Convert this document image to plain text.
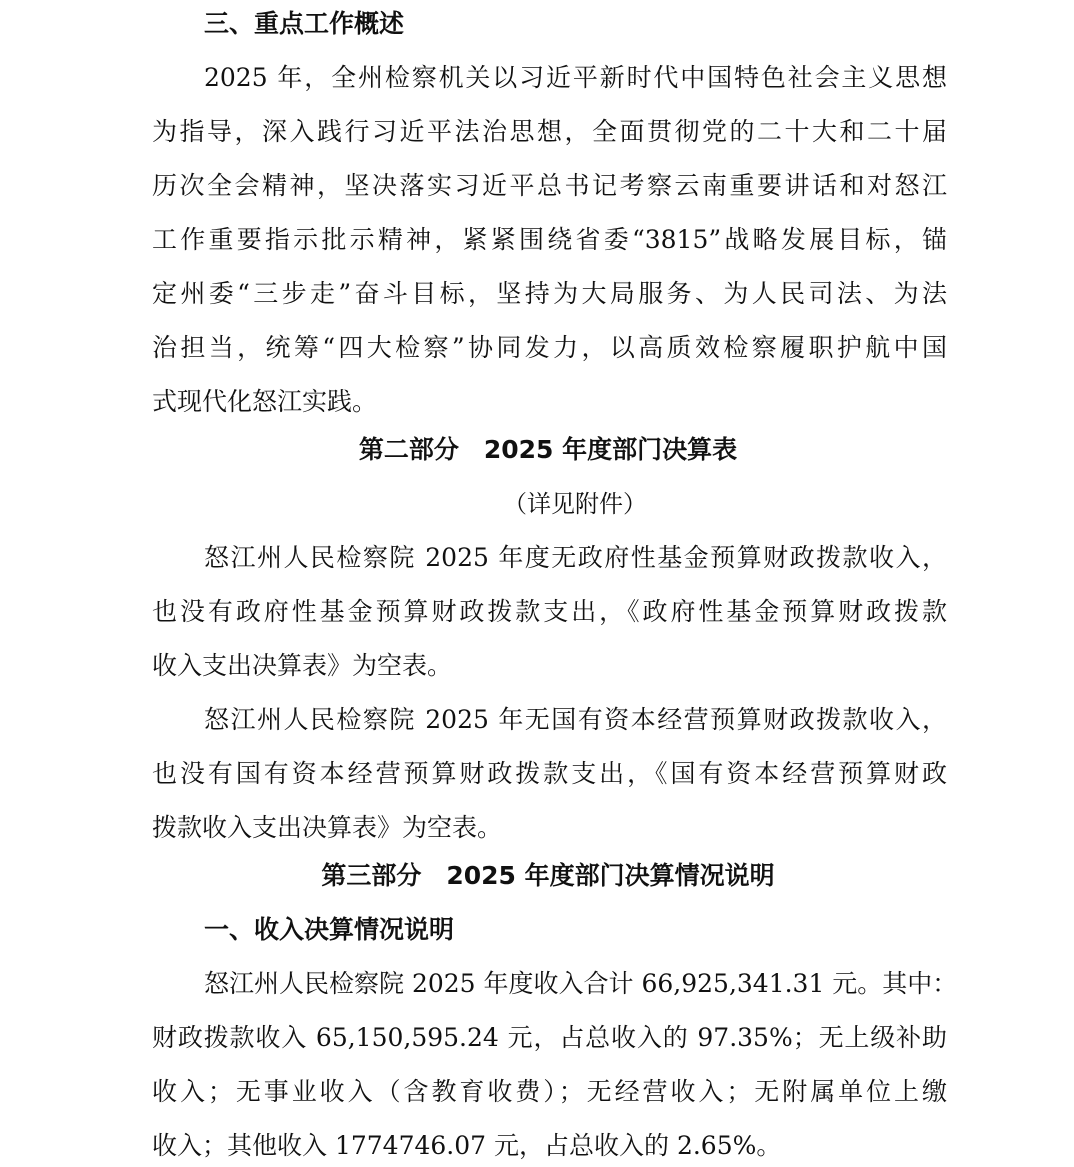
三、重点工作概述
2025 年，全州检察机关以习近平新时代中国特色社会主义思想
为指导，深入践行习近平法治思想，全面贯彻党的二十大和二十届
历次全会精神，坚决落实习近平总书记考察云南重要讲话和对怒江
工作重要指示批示精神，紧紧围绕省委“3815”战略发展目标，锚
定州委“三步走”奋斗目标，坚持为大局服务、为人民司法、为法
治担当，统筹“四大检察”协同发力，以高质效检察履职护航中国
式现代化怒江实践。
第二部分　2025 年度部门决算表
（详见附件）
怒江州人民检察院 2025 年度无政府性基金预算财政拨款收入，
也没有政府性基金预算财政拨款支出，《政府性基金预算财政拨款
收入支出决算表》为空表。
怒江州人民检察院 2025 年无国有资本经营预算财政拨款收入，
也没有国有资本经营预算财政拨款支出，《国有资本经营预算财政
拨款收入支出决算表》为空表。
第三部分　2025 年度部门决算情况说明
一、收入决算情况说明
怒江州人民检察院 2025 年度收入合计 66,925,341.31 元。其中：
财政拨款收入 65,150,595.24 元，占总收入的 97.35%；无上级补助
收入；无事业收入（含教育收费）；无经营收入；无附属单位上缴
收入；其他收入 1774746.07 元，占总收入的 2.65%。
